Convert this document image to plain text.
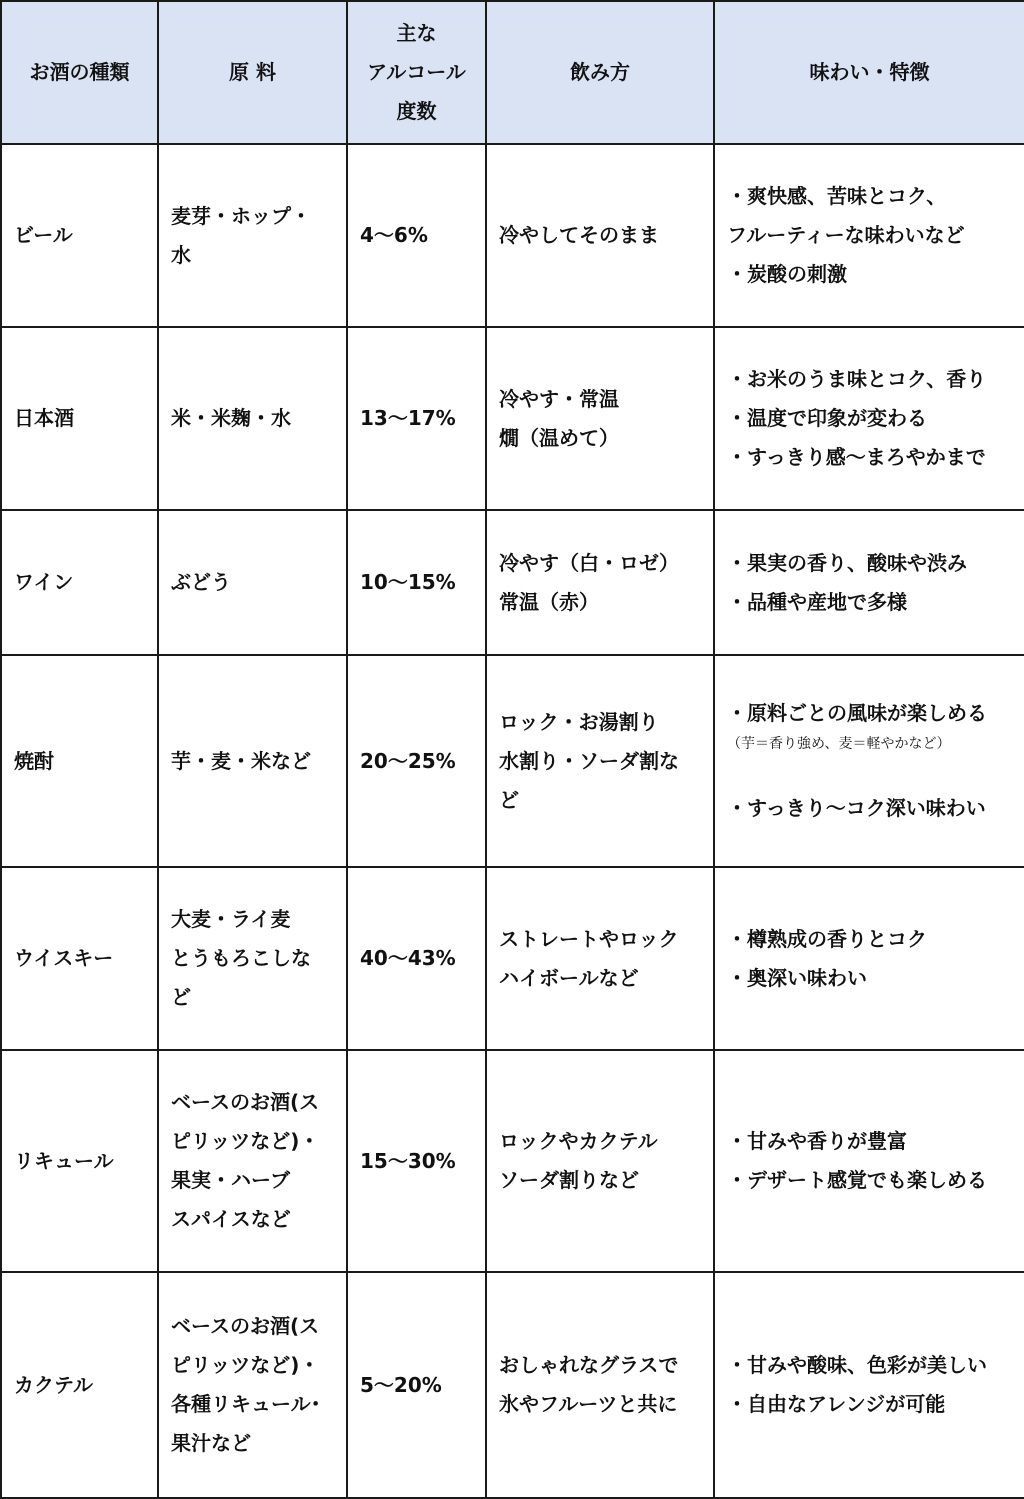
お酒の種類	原 料	主な
アルコール
度数	飲み方	味わい・特徴

ビール	麦芽・ホップ・
水	4〜6%	冷やしてそのまま	・爽快感、苦味とコク、
フルーティーな味わいなど
・炭酸の刺激

日本酒	米・米麹・水	13〜17%	冷やす・常温
燗（温めて）	・お米のうま味とコク、香り
・温度で印象が変わる
・すっきり感〜まろやかまで

ワイン	ぶどう	10〜15%	冷やす（白・ロゼ）
常温（赤）	・果実の香り、酸味や渋み
・品種や産地で多様

焼酎	芋・麦・米など	20〜25%	ロック・お湯割り
水割り・ソーダ割な
ど	・原料ごとの風味が楽しめる
（芋＝香り強め、麦＝軽やかなど）
・すっきり〜コク深い味わい

ウイスキー	大麦・ライ麦
とうもろこしな
ど	40〜43%	ストレートやロック
ハイボールなど	・樽熟成の香りとコク
・奥深い味わい

リキュール	ベースのお酒(ス
ピリッツなど)・
果実・ハーブ
スパイスなど	15〜30%	ロックやカクテル
ソーダ割りなど	・甘みや香りが豊富
・デザート感覚でも楽しめる

カクテル	ベースのお酒(ス
ピリッツなど)・
各種リキュール･
果汁など	5〜20%	おしゃれなグラスで
氷やフルーツと共に	・甘みや酸味、色彩が美しい
・自由なアレンジが可能
